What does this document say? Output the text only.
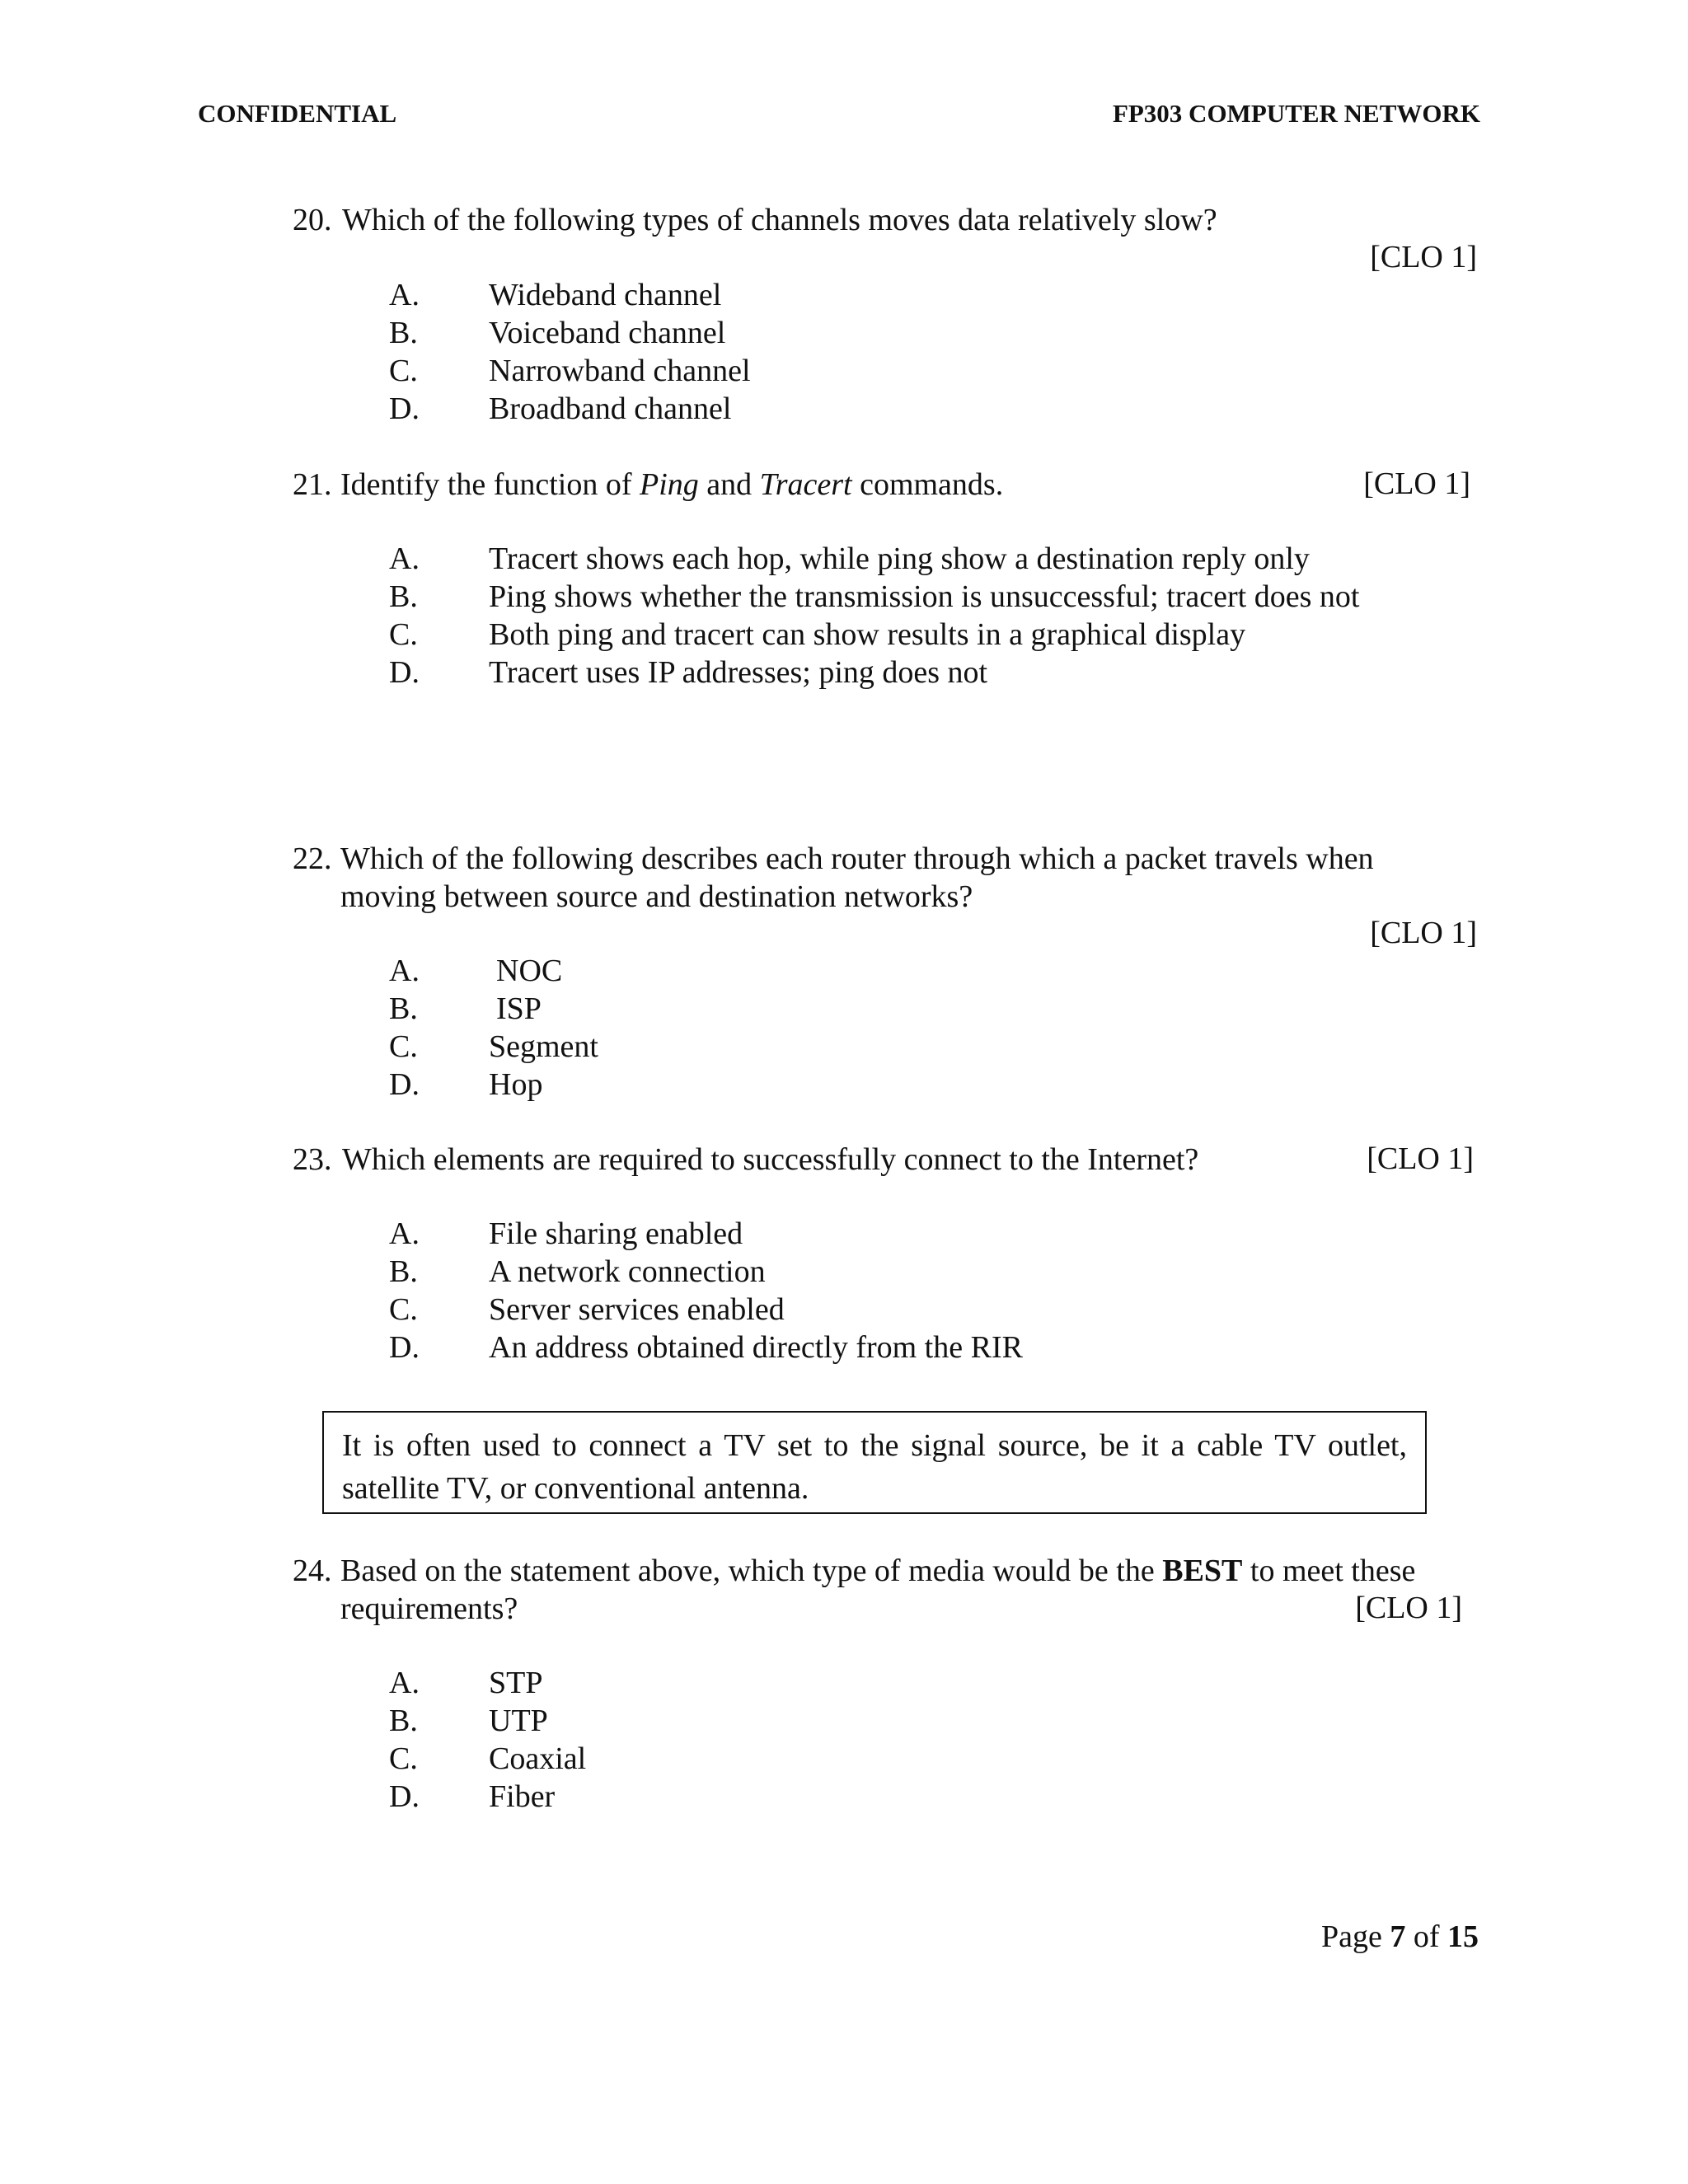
CONFIDENTIAL	FP303 COMPUTER NETWORK
20. Which of the following types of channels moves data relatively slow?
[CLO 1]
A. Wideband channel
B. Voiceband channel
C. Narrowband channel
D. Broadband channel
21. Identify the function of Ping and Tracert commands.	[CLO 1]
A. Tracert shows each hop, while ping show a destination reply only
B. Ping shows whether the transmission is unsuccessful; tracert does not
C. Both ping and tracert can show results in a graphical display
D. Tracert uses IP addresses; ping does not
22. Which of the following describes each router through which a packet travels when
moving between source and destination networks?
[CLO 1]
A. NOC
B.	ISP
C. Segment
D. Hop
23. Which elements are required to successfully connect to the Internet?	[CLO 1]
A. File sharing enabled
B. A network connection
C. Server services enabled
D. An address obtained directly from the RIR
It is often used to connect a TV set to the signal source, be it a cable TV outlet, satellite TV, or conventional antenna.
24. Based on the statement above, which type of media would be the BEST to meet these
requirements?	[CLO 1]
A. STP
B. UTP
C. Coaxial
D. Fiber
Page 7 of 15
